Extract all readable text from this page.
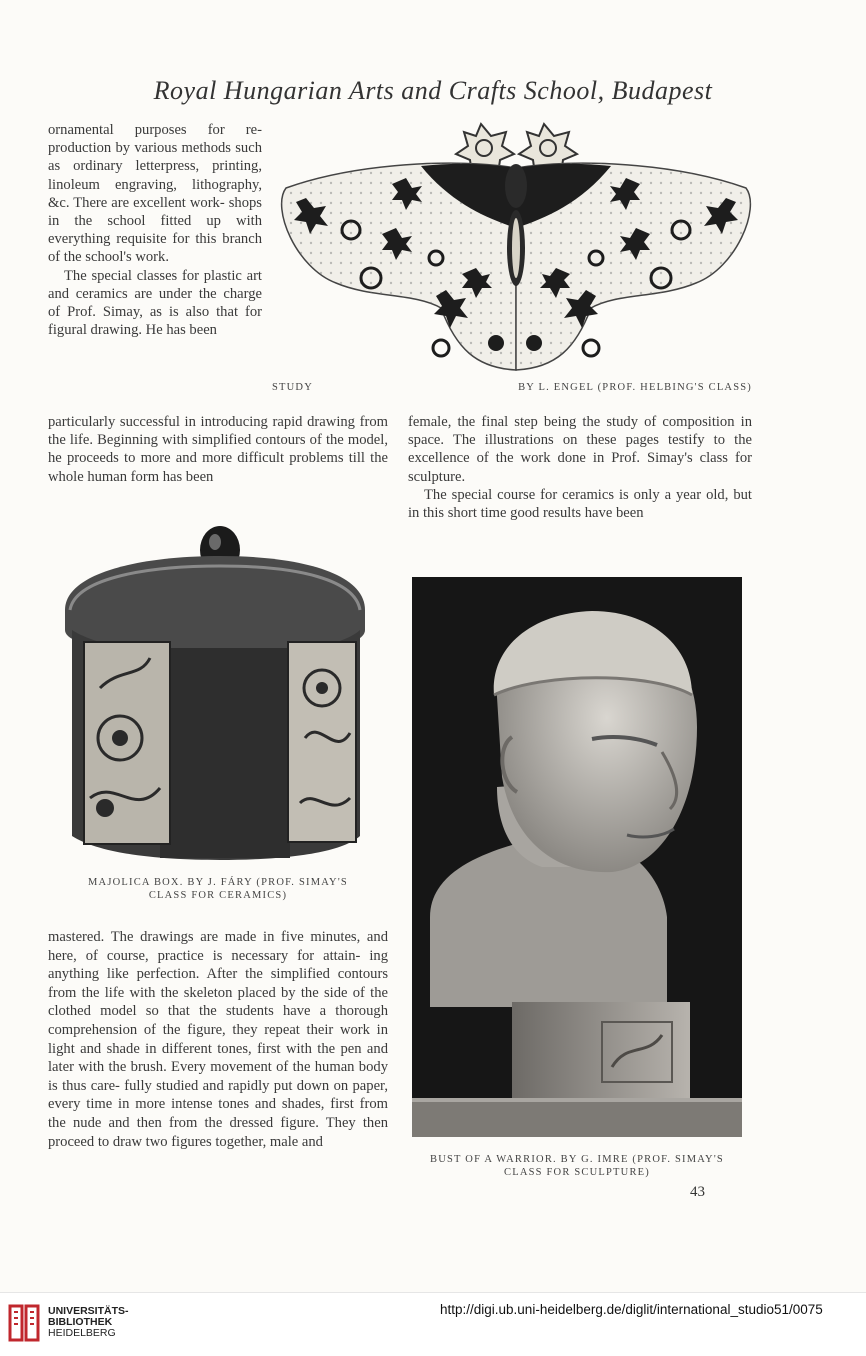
Royal Hungarian Arts and Crafts School, Budapest

ornamental purposes for re- production by various methods such as ordinary letterpress, printing, linoleum engraving, lithography, &c. There are excellent work- shops in the school fitted up with everything requisite for this branch of the school's work.

The special classes for plastic art and ceramics are under the charge of Prof. Simay, as is also that for figural drawing. He has been

STUDY	BY L. ENGEL (PROF. HELBING'S CLASS)

particularly successful in introducing rapid drawing from the life. Beginning with simplified contours of the model, he proceeds to more and more difficult problems till the whole human form has been

female, the final step being the study of composition in space. The illustrations on these pages testify to the excellence of the work done in Prof. Simay's class for sculpture.

The special course for ceramics is only a year old, but in this short time good results have been

MAJOLICA BOX. BY J. FÁRY (PROF. SIMAY'S
CLASS FOR CERAMICS)

mastered. The drawings are made in five minutes, and here, of course, practice is necessary for attain- ing anything like perfection. After the simplified contours from the life with the skeleton placed by the side of the clothed model so that the students have a thorough comprehension of the figure, they repeat their work in light and shade in different tones, first with the pen and later with the brush. Every movement of the human body is thus care- fully studied and rapidly put down on paper, every time in more intense tones and shades, first from the nude and then from the dressed figure. They then proceed to draw two figures together, male and

BUST OF A WARRIOR. BY G. IMRE (PROF. SIMAY'S
CLASS FOR SCULPTURE)
43
UNIVERSITÄTS-
BIBLIOTHEK
HEIDELBERG
http://digi.ub.uni-heidelberg.de/diglit/international_studio51/0075
